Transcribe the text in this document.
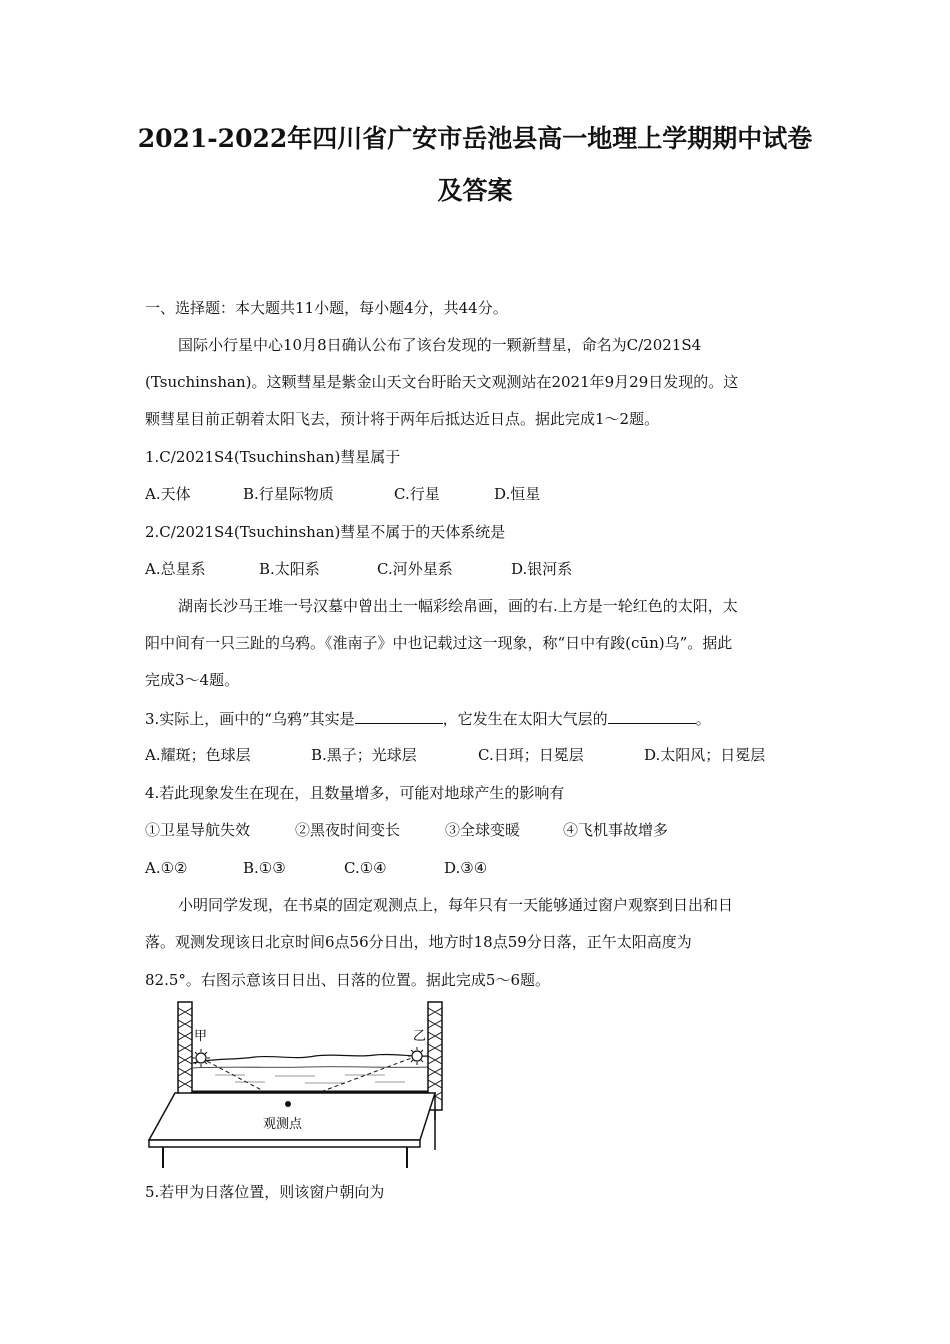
2021-2022年四川省广安市岳池县高一地理上学期期中试卷
及答案
一、选择题：本大题共11小题，每小题4分，共44分。
国际小行星中心10月8日确认公布了该台发现的一颗新彗星，命名为C/2021S4
(Tsuchinshan)。这颗彗星是紫金山天文台盱眙天文观测站在2021年9月29日发现的。这
颗彗星目前正朝着太阳飞去，预计将于两年后抵达近日点。据此完成1～2题。
1.C/2021S4(Tsuchinshan)彗星属于
A.天体	B.行星际物质	C.行星	D.恒星
2.C/2021S4(Tsuchinshan)彗星不属于的天体系统是
A.总星系	B.太阳系	C.河外星系	D.银河系
湖南长沙马王堆一号汉墓中曾出土一幅彩绘帛画，画的右.上方是一轮红色的太阳，太
阳中间有一只三趾的乌鸦。《淮南子》中也记载过这一现象，称“日中有踆(cūn)乌”。据此
完成3～4题。
3.实际上，画中的“乌鸦”其实是	，它发生在太阳大气层的	。
A.耀斑；色球层	B.黑子；光球层	C.日珥；日冕层	D.太阳风；日冕层
4.若此现象发生在现在，且数量增多，可能对地球产生的影响有
①卫星导航失效	②黑夜时间变长	③全球变暖	④飞机事故增多
A.①②	B.①③	C.①④	D.③④
小明同学发现，在书桌的固定观测点上，每年只有一天能够通过窗户观察到日出和日
落。观测发现该日北京时间6点56分日出，地方时18点59分日落，正午太阳高度为
82.5°。右图示意该日日出、日落的位置。据此完成5～6题。
甲	乙
观测点
5.若甲为日落位置，则该窗户朝向为
